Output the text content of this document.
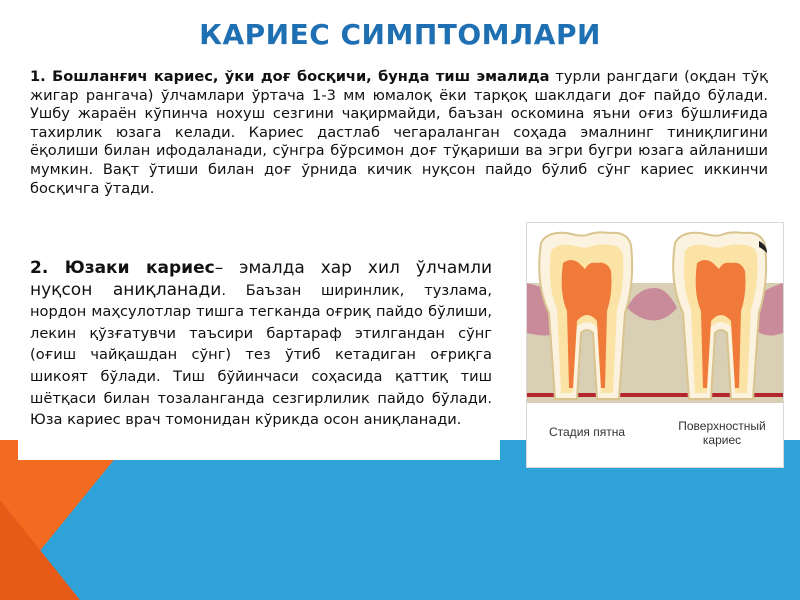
КАРИЕС СИМПТОМЛАРИ
1. Бошланғич кариес, ўки доғ босқичи, бунда тиш эмалида турли рангдаги (оқдан тўқ жигар рангача) ўлчамлари ўртача 1-3 мм юмалоқ ёки тарқоқ шаклдаги доғ пайдо бўлади. Ушбу жараён кўпинча нохуш сезгини чақирмайди, баъзан оскомина яъни оғиз бўшлиғида тахирлик юзага келади. Кариес дастлаб чегараланган соҳада эмалнинг тиниқлигини ёқолиши билан ифодаланади, сўнгра бўрсимон доғ тўқариши ва эгри бугри юзага айланиши мумкин. Вақт ўтиши билан доғ ўрнида кичик нуқсон пайдо бўлиб сўнг кариес иккинчи босқичга ўтади.
2. Юзаки кариес– эмалда хар хил ўлчамли нуқсон аниқланади. Баъзан ширинлик, тузлама, нордон маҳсулотлар тишга тегканда оғриқ пайдо бўлиши, лекин қўзғатувчи таъсири бартараф этилгандан сўнг (оғиш чайқашдан сўнг) тез ўтиб кетадиган оғриқга шикоят бўлади. Тиш бўйинчаси соҳасида қаттиқ тиш шётқаси билан тозаланганда сезгирлилик пайдо бўлади. Юза кариес врач томонидан кўрикда осон аниқланади.
Стадия пятна	Поверхностный
кариес
